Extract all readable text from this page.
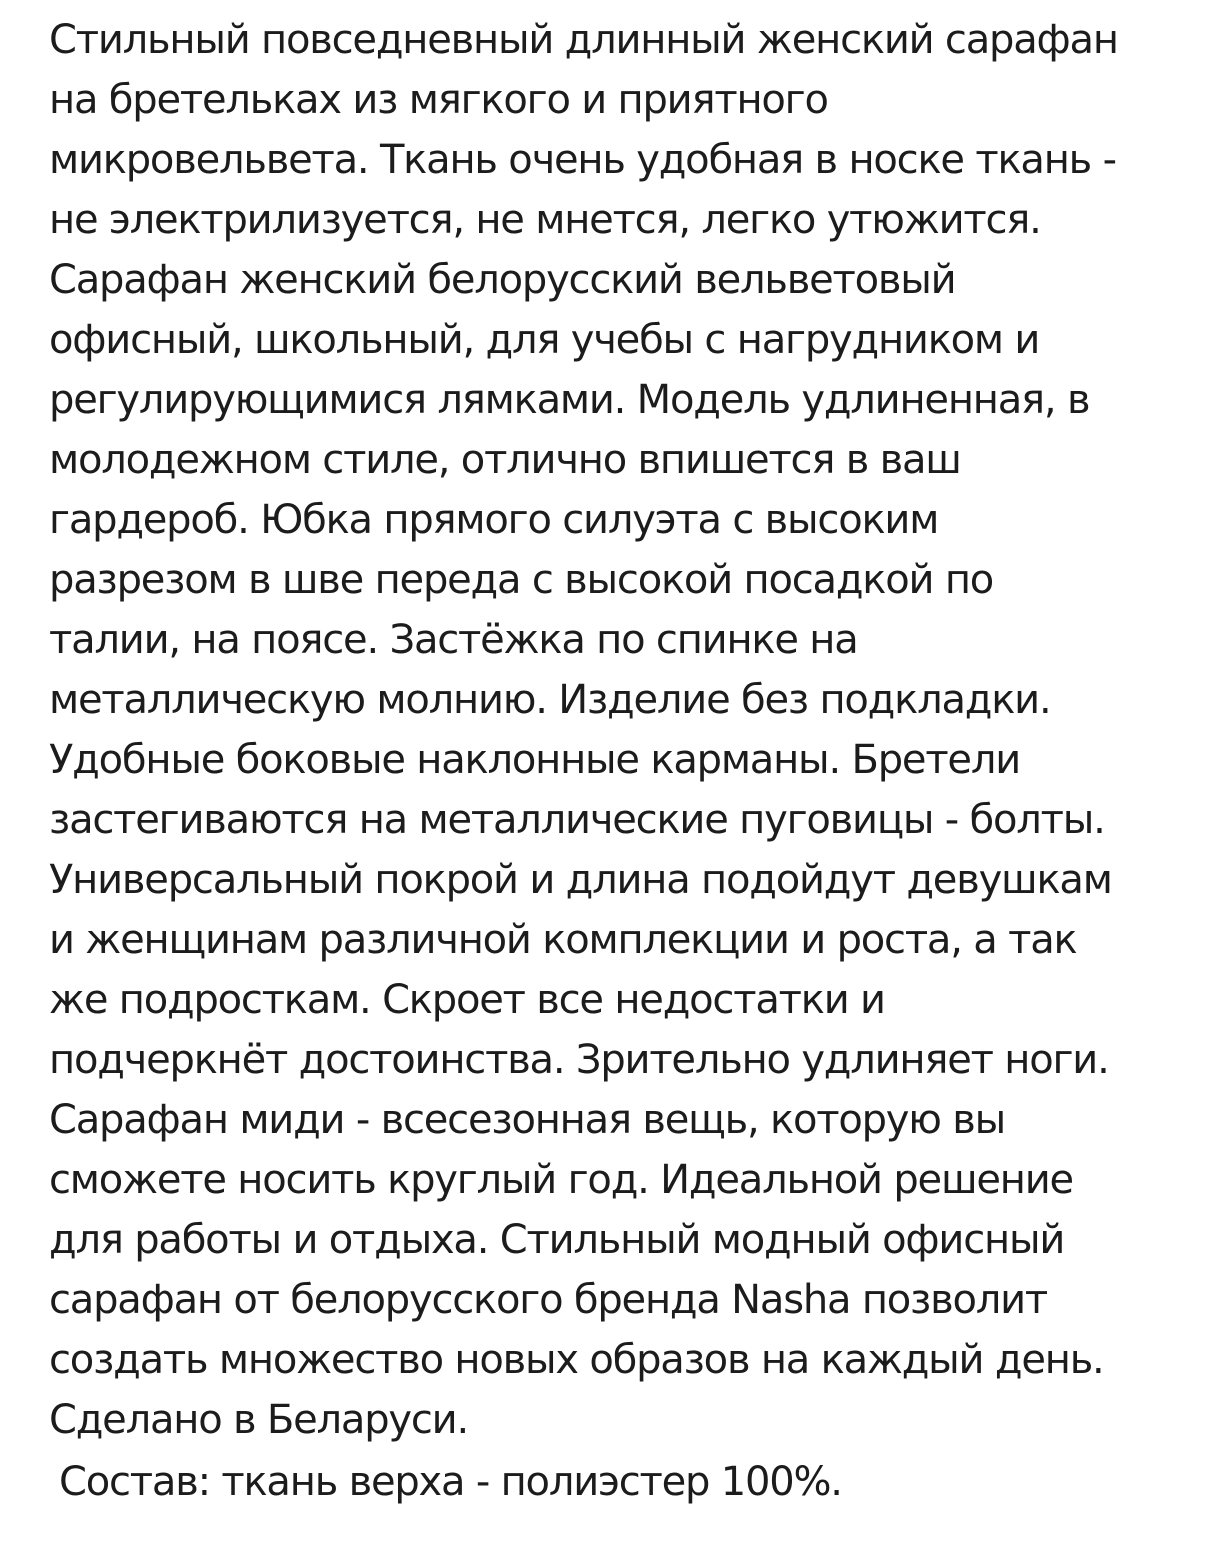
Стильный повседневный длинный женский сарафан
на бретельках из мягкого и приятного
микровельвета. Ткань очень удобная в носке ткань -
не электрилизуется, не мнется, легко утюжится.
Сарафан женский белорусский вельветовый
офисный, школьный, для учебы с нагрудником и
регулирующимися лямками. Модель удлиненная, в
молодежном стиле, отлично впишется в ваш
гардероб. Юбка прямого силуэта с высоким
разрезом в шве переда с высокой посадкой по
талии, на поясе. Застёжка по спинке на
металлическую молнию. Изделие без подкладки.
Удобные боковые наклонные карманы. Бретели
застегиваются на металлические пуговицы - болты.
Универсальный покрой и длина подойдут девушкам
и женщинам различной комплекции и роста, а так
же подросткам. Скроет все недостатки и
подчеркнёт достоинства. Зрительно удлиняет ноги.
Сарафан миди - всесезонная вещь, которую вы
сможете носить круглый год. Идеальной решение
для работы и отдыха. Стильный модный офисный
сарафан от белорусского бренда Nasha позволит
создать множество новых образов на каждый день.
Сделано в Беларуси.
Состав: ткань верха - полиэстер 100%.
